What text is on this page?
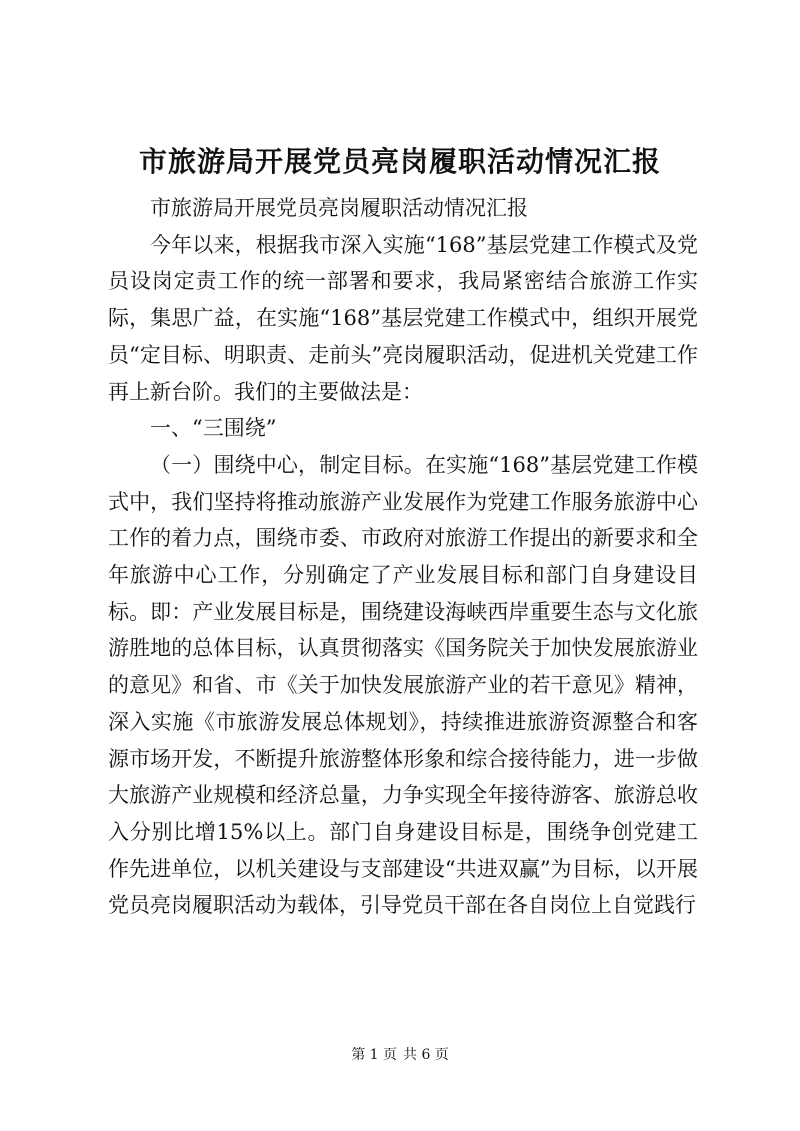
市旅游局开展党员亮岗履职活动情况汇报

市旅游局开展党员亮岗履职活动情况汇报

今年以来，根据我市深入实施“168”基层党建工作模式及党员设岗定责工作的统一部署和要求，我局紧密结合旅游工作实际，集思广益，在实施“168”基层党建工作模式中，组织开展党员“定目标、明职责、走前头”亮岗履职活动，促进机关党建工作再上新台阶。我们的主要做法是：

一、“三围绕”

（一）围绕中心，制定目标。在实施“168”基层党建工作模式中，我们坚持将推动旅游产业发展作为党建工作服务旅游中心工作的着力点，围绕市委、市政府对旅游工作提出的新要求和全年旅游中心工作，分别确定了产业发展目标和部门自身建设目标。即：产业发展目标是，围绕建设海峡西岸重要生态与文化旅游胜地的总体目标，认真贯彻落实《国务院关于加快发展旅游业的意见》和省、市《关于加快发展旅游产业的若干意见》精神，深入实施《市旅游发展总体规划》，持续推进旅游资源整合和客源市场开发，不断提升旅游整体形象和综合接待能力，进一步做大旅游产业规模和经济总量，力争实现全年接待游客、旅游总收入分别比增15%以上。部门自身建设目标是，围绕争创党建工作先进单位，以机关建设与支部建设“共进双赢”为目标，以开展党员亮岗履职活动为载体，引导党员干部在各自岗位上自觉践行

第 1 页 共 6 页
